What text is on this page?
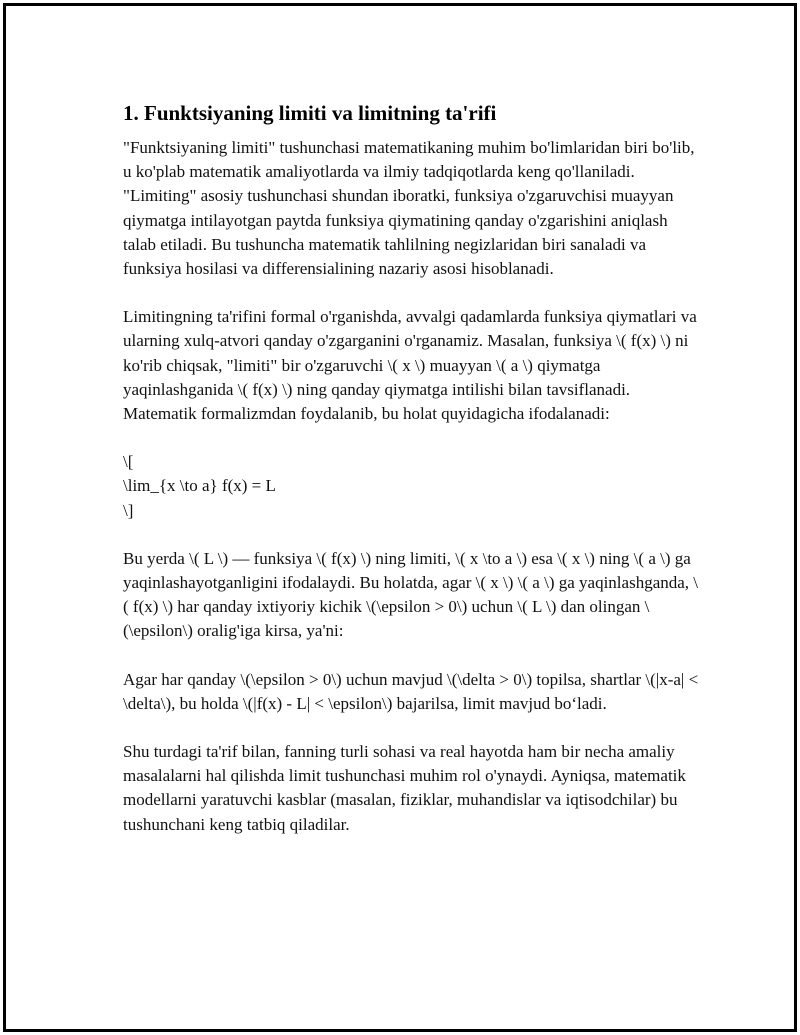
1. Funktsiyaning limiti va limitning ta'rifi

"Funktsiyaning limiti" tushunchasi matematikaning muhim bo'limlaridan biri bo'lib, u ko'plab matematik amaliyotlarda va ilmiy tadqiqotlarda keng qo'llaniladi. "Limiting" asosiy tushunchasi shundan iboratki, funksiya o'zgaruvchisi muayyan qiymatga intilayotgan paytda funksiya qiymatining qanday o'zgarishini aniqlash talab etiladi. Bu tushuncha matematik tahlilning negizlaridan biri sanaladi va funksiya hosilasi va differensialining nazariy asosi hisoblanadi.

Limitingning ta'rifini formal o'rganishda, avvalgi qadamlarda funksiya qiymatlari va ularning xulq-atvori qanday o'zgarganini o'rganamiz. Masalan, funksiya \( f(x) \) ni ko'rib chiqsak, "limiti" bir o'zgaruvchi \( x \) muayyan \( a \) qiymatga yaqinlashganida \( f(x) \) ning qanday qiymatga intilishi bilan tavsiflanadi. Matematik formalizmdan foydalanib, bu holat quyidagicha ifodalanadi:

\[
\lim_{x \to a} f(x) = L
\]

Bu yerda \( L \) — funksiya \( f(x) \) ning limiti, \( x \to a \) esa \( x \) ning \( a \) ga yaqinlashayotganligini ifodalaydi. Bu holatda, agar \( x \) \( a \) ga yaqinlashganda, \( f(x) \) har qanday ixtiyoriy kichik \(\epsilon > 0\) uchun \( L \) dan olingan \(\epsilon\) oralig'iga kirsa, ya'ni:

Agar har qanday \(\epsilon > 0\) uchun mavjud \(\delta > 0\) topilsa, shartlar \(|x-a| < \delta\), bu holda \(|f(x) - L| < \epsilon\) bajarilsa, limit mavjud bo‘ladi.

Shu turdagi ta'rif bilan, fanning turli sohasi va real hayotda ham bir necha amaliy masalalarni hal qilishda limit tushunchasi muhim rol o'ynaydi. Ayniqsa, matematik modellarni yaratuvchi kasblar (masalan, fiziklar, muhandislar va iqtisodchilar) bu tushunchani keng tatbiq qiladilar.
